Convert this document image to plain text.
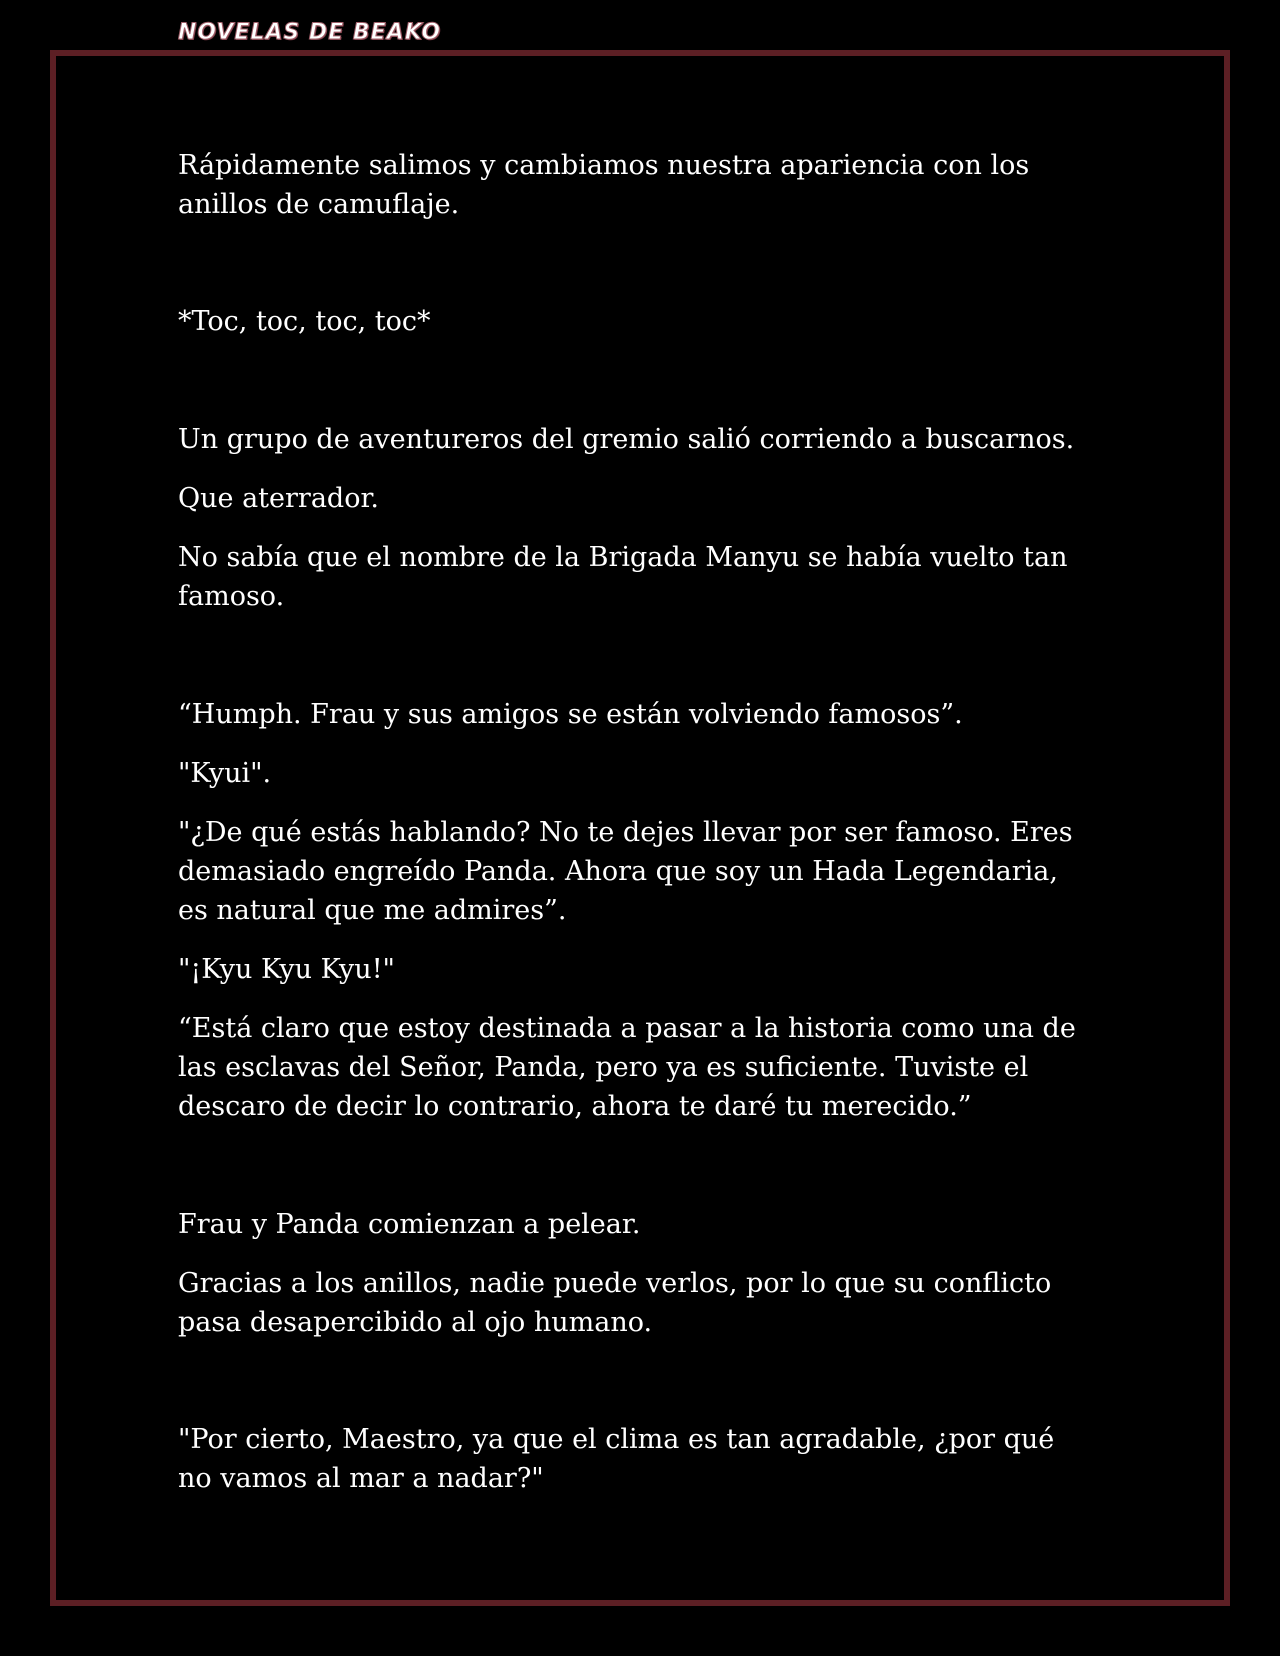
NOVELAS DE BEAKO

Rápidamente salimos y cambiamos nuestra apariencia con los anillos de camuflaje.

*Toc, toc, toc, toc*

Un grupo de aventureros del gremio salió corriendo a buscarnos.

Que aterrador.

No sabía que el nombre de la Brigada Manyu se había vuelto tan famoso.

“Humph. Frau y sus amigos se están volviendo famosos”.

"Kyui".

"¿De qué estás hablando? No te dejes llevar por ser famoso. Eres demasiado engreído Panda. Ahora que soy un Hada Legendaria, es natural que me admires”.

"¡Kyu Kyu Kyu!"

“Está claro que estoy destinada a pasar a la historia como una de las esclavas del Señor, Panda, pero ya es suficiente. Tuviste el descaro de decir lo contrario, ahora te daré tu merecido.”

Frau y Panda comienzan a pelear.

Gracias a los anillos, nadie puede verlos, por lo que su conflicto pasa desapercibido al ojo humano.

"Por cierto, Maestro, ya que el clima es tan agradable, ¿por qué no vamos al mar a nadar?"
